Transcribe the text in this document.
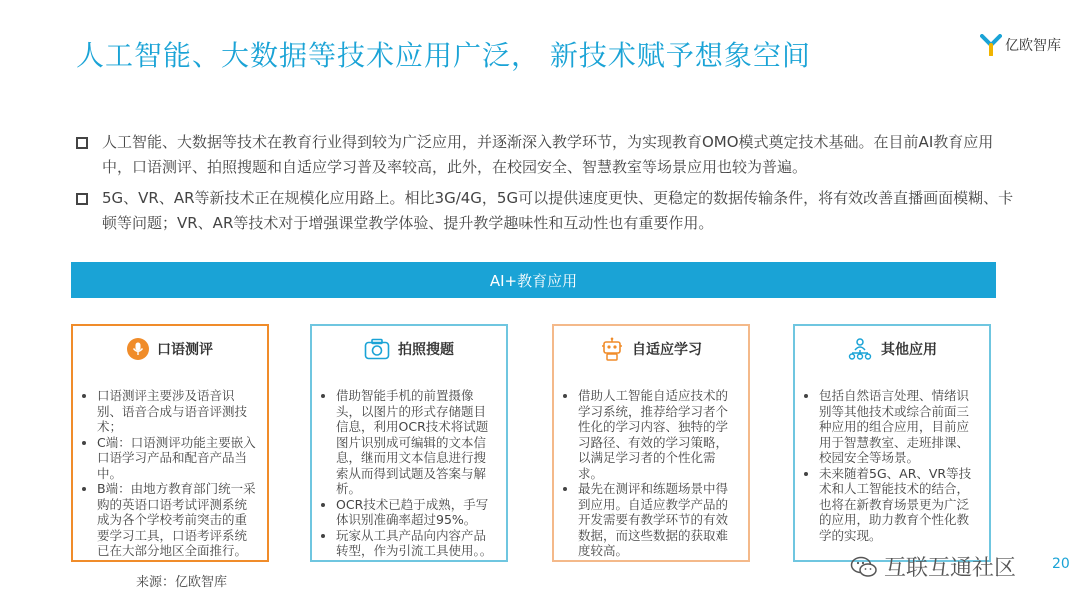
人工智能、大数据等技术应用广泛， 新技术赋予想象空间	亿欧智库
人工智能、大数据等技术在教育行业得到较为广泛应用，并逐渐深入教学环节，为实现教育OMO模式奠定技术基础。在目前AI教育应用中，口语测评、拍照搜题和自适应学习普及率较高，此外，在校园安全、智慧教室等场景应用也较为普遍。
5G、VR、AR等新技术正在规模化应用路上。相比3G/4G，5G可以提供速度更快、更稳定的数据传输条件，将有效改善直播画面模糊、卡顿等问题；VR、AR等技术对于增强课堂教学体验、提升教学趣味性和互动性也有重要作用。
AI+教育应用
口语测评
• 口语测评主要涉及语音识别、语音合成与语音评测技术；
• C端：口语测评功能主要嵌入口语学习产品和配音产品当中。
• B端：由地方教育部门统一采购的英语口语考试评测系统成为各个学校考前突击的重要学习工具，口语考评系统已在大部分地区全面推行。
拍照搜题
• 借助智能手机的前置摄像头，以图片的形式存储题目信息，利用OCR技术将试题图片识别成可编辑的文本信息，继而用文本信息进行搜索从而得到试题及答案与解析。
• OCR技术已趋于成熟，手写体识别准确率超过95%。
• 玩家从工具产品向内容产品转型，作为引流工具使用。。
自适应学习
• 借助人工智能自适应技术的学习系统，推荐给学习者个性化的学习内容、独特的学习路径、有效的学习策略，以满足学习者的个性化需求。
• 最先在测评和练题场景中得到应用。自适应教学产品的开发需要有教学环节的有效数据，而这些数据的获取难度较高。
其他应用
• 包括自然语言处理、情绪识别等其他技术或综合前面三种应用的组合应用，目前应用于智慧教室、走班排课、校园安全等场景。
• 未来随着5G、AR、VR等技术和人工智能技术的结合，也将在新教育场景更为广泛的应用，助力教育个性化教学的实现。
来源：亿欧智库
互联互通社区	20
